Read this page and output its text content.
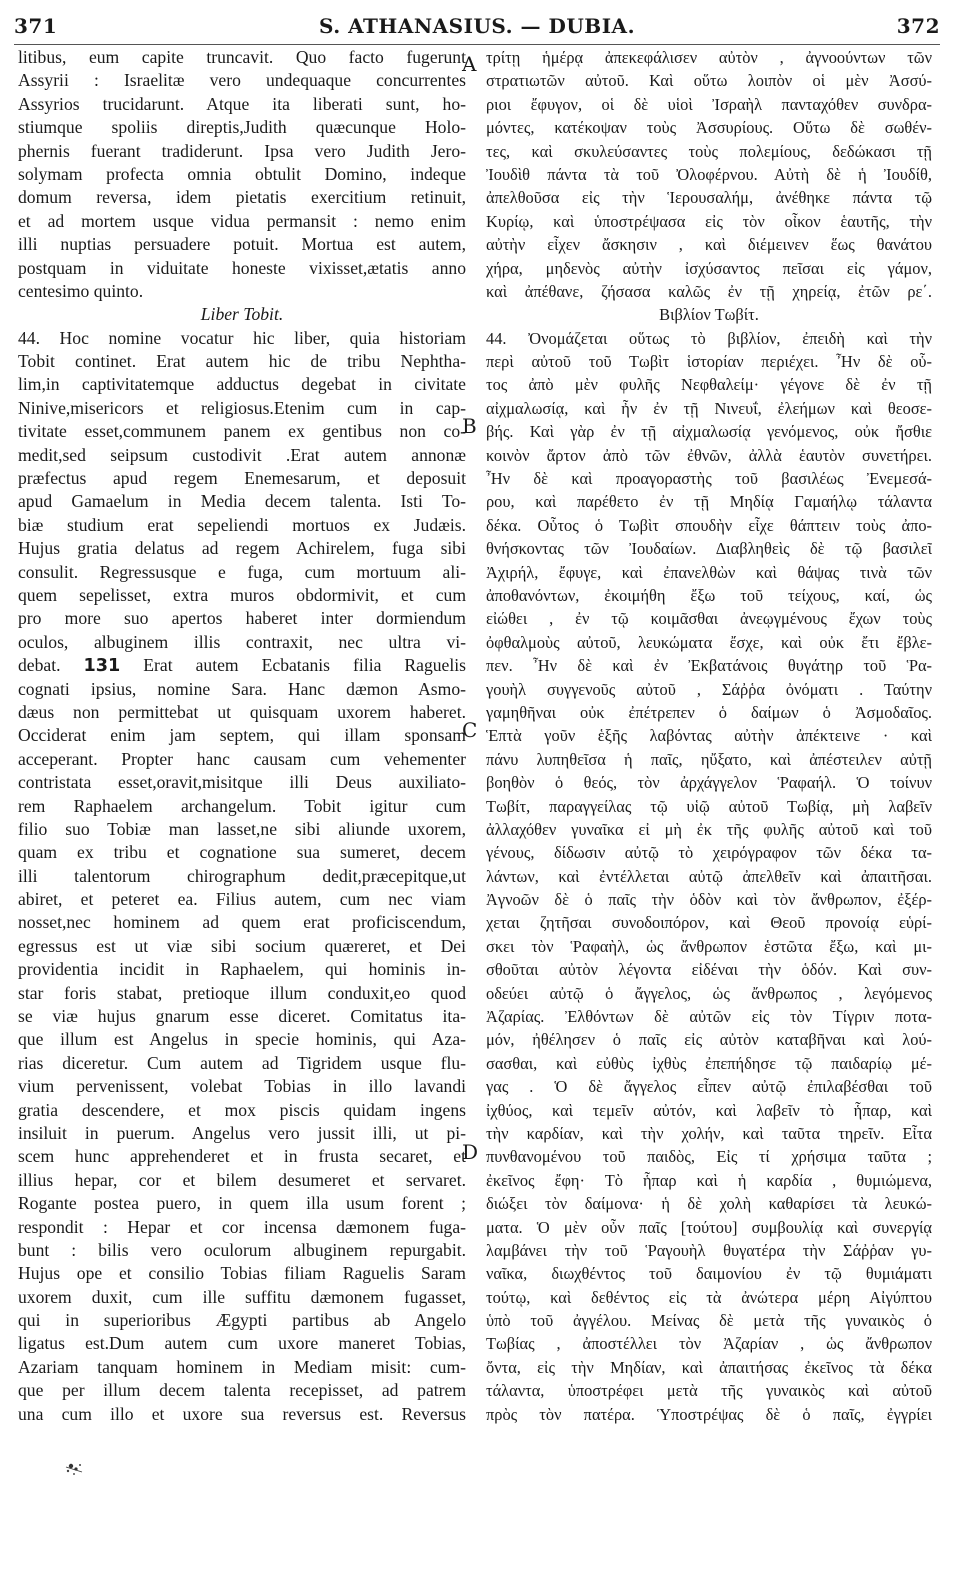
371	S. ATHANASIUS. — DUBIA.	372
litibus, eum capite truncavit. Quo facto fugerunt
Assyrii : Israelitæ vero undequaque concurrentes
Assyrios trucidarunt. Atque ita liberati sunt, ho-
stiumque spoliis direptis,Judith quæcunque Holo-
phernis fuerant tradiderunt. Ipsa vero Judith Jero-
solymam profecta omnia obtulit Domino, indeque
domum reversa, idem pietatis exercitium retinuit,
et ad mortem usque vidua permansit : nemo enim
illi nuptias persuadere potuit. Mortua est autem,
postquam in viduitate honeste vixisset,ætatis anno
centesimo quinto.
Liber Tobit.
44. Hoc nomine vocatur hic liber, quia historiam
Tobit continet. Erat autem hic de tribu Nephtha-
lim,in captivitatemque adductus degebat in civitate
Ninive,misericors et religiosus.Etenim cum in cap-
tivitate esset,communem panem ex gentibus non co-
medit,sed seipsum custodivit .Erat autem annonæ
præfectus apud regem Enemesarum, et deposuit
apud Gamaelum in Media decem talenta. Isti To-
biæ studium erat sepeliendi mortuos ex Judæis.
Hujus gratia delatus ad regem Achirelem, fuga sibi
consulit. Regressusque e fuga, cum mortuum ali-
quem sepelisset, extra muros obdormivit, et cum
pro more suo apertos haberet inter dormiendum
oculos, albuginem illis contraxit, nec ultra vi-
debat. 131 Erat autem Ecbatanis filia Raguelis
cognati ipsius, nomine Sara. Hanc dæmon Asmo-
dæus non permittebat ut quisquam uxorem haberet.
Occiderat enim jam septem, qui illam sponsam
acceperant. Propter hanc causam cum vehementer
contristata esset,oravit,misitque illi Deus auxiliato-
rem Raphaelem archangelum. Tobit igitur cum
filio suo Tobiæ man lasset,ne sibi aliunde uxorem,
quam ex tribu et cognatione sua sumeret, decem
illi talentorum chirographum dedit,præcepitque,ut
abiret, et peteret ea. Filius autem, cum nec viam
nosset,nec hominem ad quem erat proficiscendum,
egressus est ut viæ sibi socium quæreret, et Dei
providentia incidit in Raphaelem, qui hominis in-
star foris stabat, pretioque illum conduxit,eo quod
se viæ hujus gnarum esse diceret. Comitatus ita-
que illum est Angelus in specie hominis, qui Aza-
rias diceretur. Cum autem ad Tigridem usque flu-
vium pervenissent, volebat Tobias in illo lavandi
gratia descendere, et mox piscis quidam ingens
insiluit in puerum. Angelus vero jussit illi, ut pi-
scem hunc apprehenderet et in frusta secaret, et
illius hepar, cor et bilem desumeret et servaret.
Rogante postea puero, in quem illa usum forent ;
respondit : Hepar et cor incensa dæmonem fuga-
bunt : bilis vero oculorum albuginem repurgabit.
Hujus ope et consilio Tobias filiam Raguelis Saram
uxorem duxit, cum ille suffitu dæmonem fugasset,
qui in superioribus Ægypti partibus ab Angelo
ligatus est.Dum autem cum uxore maneret Tobias,
Azariam tanquam hominem in Mediam misit: cum-
que per illum decem talenta recepisset, ad patrem
una cum illo et uxore sua reversus est. Reversus
A
B
C
D
τρίτῃ ἡμέρᾳ ἀπεκεφάλισεν αὐτὸν , ἀγνοούντων τῶν
στρατιωτῶν αὐτοῦ. Καὶ οὕτω λοιπὸν οἱ μὲν Ἀσσύ-
ριοι ἔφυγον, οἱ δὲ υἱοὶ Ἰσραὴλ πανταχόθεν συνδρα-
μόντες, κατέκοψαν τοὺς Ἀσσυρίους. Οὕτω δὲ σωθέν-
τες, καὶ σκυλεύσαντες τοὺς πολεμίους, δεδώκασι τῇ
Ἰουδὶθ πάντα τὰ τοῦ Ὀλοφέρνου. Αὐτὴ δὲ ἡ Ἰουδίθ,
ἀπελθοῦσα εἰς τὴν Ἱερουσαλήμ, ἀνέθηκε πάντα τῷ
Κυρίῳ, καὶ ὑποστρέψασα εἰς τὸν οἶκον ἑαυτῆς, τὴν
αὐτὴν εἶχεν ἄσκησιν , καὶ διέμεινεν ἕως θανάτου
χήρα, μηδενὸς αὐτὴν ἰσχύσαντος πεῖσαι εἰς γάμον,
καὶ ἀπέθανε, ζήσασα καλῶς ἐν τῇ χηρείᾳ, ἐτῶν ρε΄.
Βιβλίον Τωβίτ.
44. Ὀνομάζεται οὕτως τὸ βιβλίον, ἐπειδὴ καὶ τὴν
περὶ αὐτοῦ τοῦ Τωβὶτ ἱστορίαν περιέχει. Ἦν δὲ οὗ-
τος ἀπὸ μὲν φυλῆς Νεφθαλείμ· γέγονε δὲ ἐν τῇ
αἰχμαλωσίᾳ, καὶ ἦν ἐν τῇ Νινευΐ, ἐλεήμων καὶ θεοσε-
βής. Καὶ γὰρ ἐν τῇ αἰχμαλωσίᾳ γενόμενος, οὐκ ἤσθιε
κοινὸν ἄρτον ἀπὸ τῶν ἐθνῶν, ἀλλὰ ἑαυτὸν συνετήρει.
Ἦν δὲ καὶ προαγοραστὴς τοῦ βασιλέως Ἐνεμεσά-
ρου, καὶ παρέθετο ἐν τῇ Μηδίᾳ Γαμαήλῳ τάλαντα
δέκα. Οὗτος ὁ Τωβὶτ σπουδὴν εἶχε θάπτειν τοὺς ἀπο-
θνήσκοντας τῶν Ἰουδαίων. Διαβληθεὶς δὲ τῷ βασιλεῖ
Ἀχιρήλ, ἔφυγε, καὶ ἐπανελθὼν καὶ θάψας τινὰ τῶν
ἀποθανόντων, ἐκοιμήθη ἔξω τοῦ τείχους, καί, ὡς
εἰώθει , ἐν τῷ κοιμᾶσθαι ἀνεῳγμένους ἔχων τοὺς
ὀφθαλμοὺς αὐτοῦ, λευκώματα ἔσχε, καὶ οὐκ ἔτι ἔβλε-
πεν. Ἦν δὲ καὶ ἐν Ἐκβατάνοις θυγάτηρ τοῦ Ῥα-
γουὴλ συγγενοῦς αὐτοῦ , Σάῤῥα ὀνόματι . Ταύτην
γαμηθῆναι οὐκ ἐπέτρεπεν ὁ δαίμων ὁ Ἀσμοδαῖος.
Ἑπτὰ γοῦν ἑξῆς λαβόντας αὐτὴν ἀπέκτεινε · καὶ
πάνυ λυπηθεῖσα ἡ παῖς, ηὔξατο, καὶ ἀπέστειλεν αὐτῇ
βοηθὸν ὁ θεός, τὸν ἀρχάγγελον Ῥαφαήλ. Ὁ τοίνυν
Τωβίτ, παραγγείλας τῷ υἱῷ αὐτοῦ Τωβίᾳ, μὴ λαβεῖν
ἀλλαχόθεν γυναῖκα εἰ μὴ ἐκ τῆς φυλῆς αὐτοῦ καὶ τοῦ
γένους, δίδωσιν αὐτῷ τὸ χειρόγραφον τῶν δέκα τα-
λάντων, καὶ ἐντέλλεται αὐτῷ ἀπελθεῖν καὶ ἀπαιτῆσαι.
Ἀγνοῶν δὲ ὁ παῖς τὴν ὁδὸν καὶ τὸν ἄνθρωπον, ἐξέρ-
χεται ζητῆσαι συνοδοιπόρον, καὶ Θεοῦ προνοίᾳ εὑρί-
σκει τὸν Ῥαφαὴλ, ὡς ἄνθρωπον ἑστῶτα ἔξω, καὶ μι-
σθοῦται αὐτὸν λέγοντα εἰδέναι τὴν ὁδόν. Καὶ συν-
οδεύει αὐτῷ ὁ ἄγγελος, ὡς ἄνθρωπος , λεγόμενος
Ἀζαρίας. Ἐλθόντων δὲ αὐτῶν εἰς τὸν Τίγριν ποτα-
μόν, ἠθέλησεν ὁ παῖς εἰς αὐτὸν καταβῆναι καὶ λού-
σασθαι, καὶ εὐθὺς ἰχθὺς ἐπεπήδησε τῷ παιδαρίῳ μέ-
γας . Ὁ δὲ ἄγγελος εἶπεν αὐτῷ ἐπιλαβέσθαι τοῦ
ἰχθύος, καὶ τεμεῖν αὐτόν, καὶ λαβεῖν τὸ ἧπαρ, καὶ
τὴν καρδίαν, καὶ τὴν χολήν, καὶ ταῦτα τηρεῖν. Εἶτα
πυνθανομένου τοῦ παιδὸς, Εἰς τί χρήσιμα ταῦτα ;
ἐκεῖνος ἔφη· Τὸ ἧπαρ καὶ ἡ καρδία , θυμιώμενα,
διώξει τὸν δαίμονα· ἡ δὲ χολὴ καθαρίσει τὰ λευκώ-
ματα. Ὁ μὲν οὖν παῖς [τούτου] συμβουλίᾳ καὶ συνεργίᾳ
λαμβάνει τὴν τοῦ Ῥαγουὴλ θυγατέρα τὴν Σάῤῥαν γυ-
ναῖκα, διωχθέντος τοῦ δαιμονίου ἐν τῷ θυμιάματι
τούτῳ, καὶ δεθέντος εἰς τὰ ἀνώτερα μέρη Αἰγύπτου
ὑπὸ τοῦ ἀγγέλου. Μείνας δὲ μετὰ τῆς γυναικὸς ὁ
Τωβίας , ἀποστέλλει τὸν Ἀζαρίαν , ὡς ἄνθρωπον
ὄντα, εἰς τὴν Μηδίαν, καὶ ἀπαιτήσας ἐκεῖνος τὰ δέκα
τάλαντα, ὑποστρέφει μετὰ τῆς γυναικὸς καὶ αὐτοῦ
πρὸς τὸν πατέρα. Ὑποστρέψας δὲ ὁ παῖς, ἐγγρίει
